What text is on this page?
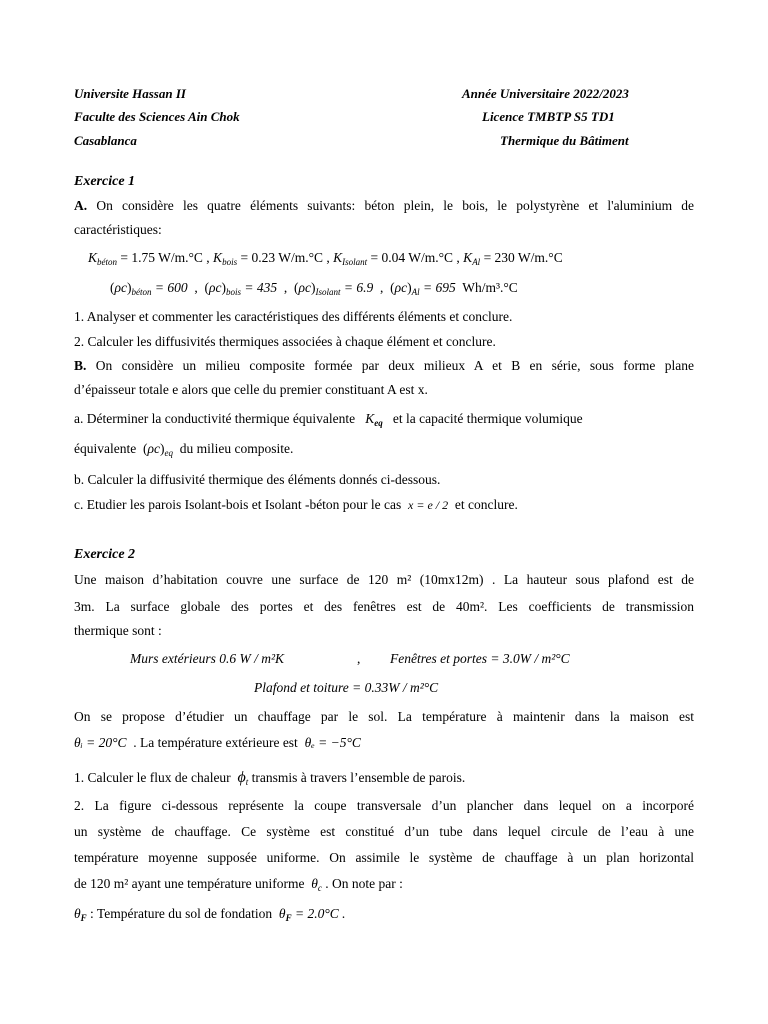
Universite Hassan II
Faculte des Sciences Ain Chok
Casablanca
Année Universitaire 2022/2023
Licence TMBTP S5 TD1
Thermique du Bâtiment
Exercice 1
A. On considère les quatre éléments suivants: béton plein, le bois, le polystyrène et l'aluminium de
caractéristiques:
$K_{béton} = 1.75$ W/m.°C , $K_{bois} = 0.23$ W/m.°C , $K_{Isolant} = 0.04$ W/m.°C , $K_{Al} = 230$ W/m.°C
$(\rho c)_{béton} = 600$  ,  $(\rho c)_{bois} = 435$  ,  $(\rho c)_{Isolant} = 6.9$  ,  $(\rho c)_{Al} = 695$ Wh/m³.°C
1. Analyser et commenter les caractéristiques des différents éléments et conclure.
2. Calculer les diffusivités thermiques associées à chaque élément et conclure.
B. On considère un milieu composite formée par deux milieux A et B en série, sous forme plane
d’épaisseur totale e alors que celle du premier constituant A est x.
a. Déterminer la conductivité thermique équivalente $K_{eq}$ et la capacité thermique volumique
équivalente  $(\rho c)_{eq}$ du milieu composite.
b. Calculer la diffusivité thermique des éléments donnés ci-dessous.
c. Etudier les parois Isolant-bois et Isolant -béton pour le cas x = e / 2 et conclure.
Exercice 2
Une maison d’habitation couvre une surface de 120 m² (10mx12m) . La hauteur sous plafond est de
3m. La surface globale des portes et des fenêtres est de 40m². Les coefficients de transmission
thermique sont :
Murs extérieurs 0.6 W / m²K	, Fenêtres et portes = 3.0W / m²°C
Plafond et toiture = 0.33W / m²°C
On se propose d’étudier un chauffage par le sol. La température à maintenir dans la maison est
θᵢ = 20°C . La température extérieure est θₑ = −5°C
1. Calculer le flux de chaleur $\phi_t$ transmis à travers l’ensemble de parois.
2. La figure ci-dessous représente la coupe transversale d’un plancher dans lequel on a incorporé
un système de chauffage. Ce système est constitué d’un tube dans lequel circule de l’eau à une
température moyenne supposée uniforme. On assimile le système de chauffage à un plan horizontal
de 120 m² ayant une température uniforme $\theta_c$ . On note par :
$\theta_F$ : Température du sol de fondation $\theta_F = 2.0^\circ C$ .
